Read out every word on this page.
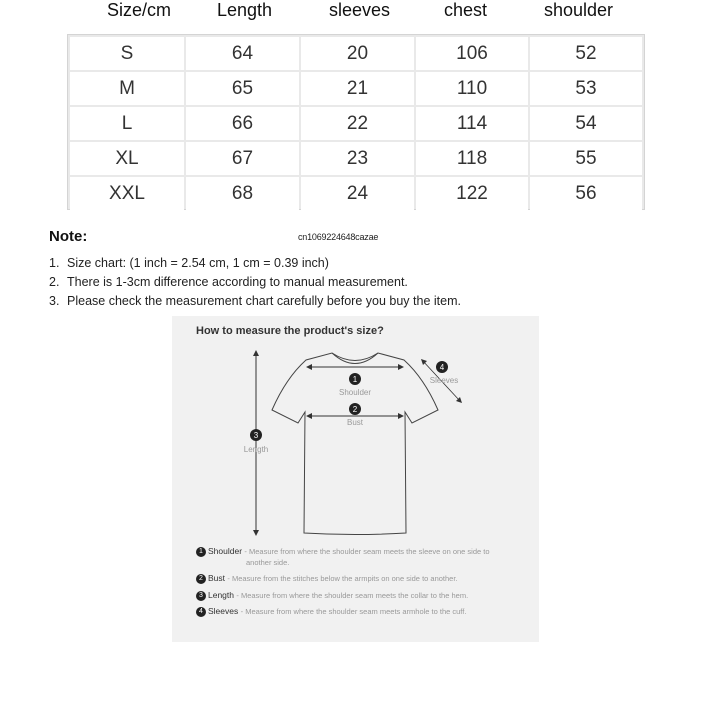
Size/cm	Length	sleeves	chest	shoulder
S	64	20	106	52
M	65	21	110	53
L	66	22	114	54
XL	67	23	118	55
XXL	68	24	122	56
Note:	cn1069224648cazae
1. Size chart: (1 inch = 2.54 cm, 1 cm = 0.39 inch)
2. There is 1-3cm difference according to manual measurement.
3. Please check the measurement chart carefully before you buy the item.
How to measure the product's size?
1
Shoulder
2
Bust
3
Length
4
Sleeves
1 Shoulder - Measure from where the shoulder seam meets the sleeve on one side to
another side.
2 Bust - Measure from the stitches below the armpits on one side to another.
3 Length - Measure from where the shoulder seam meets the collar to the hem.
4 Sleeves - Measure from where the shoulder seam meets armhole to the cuff.
